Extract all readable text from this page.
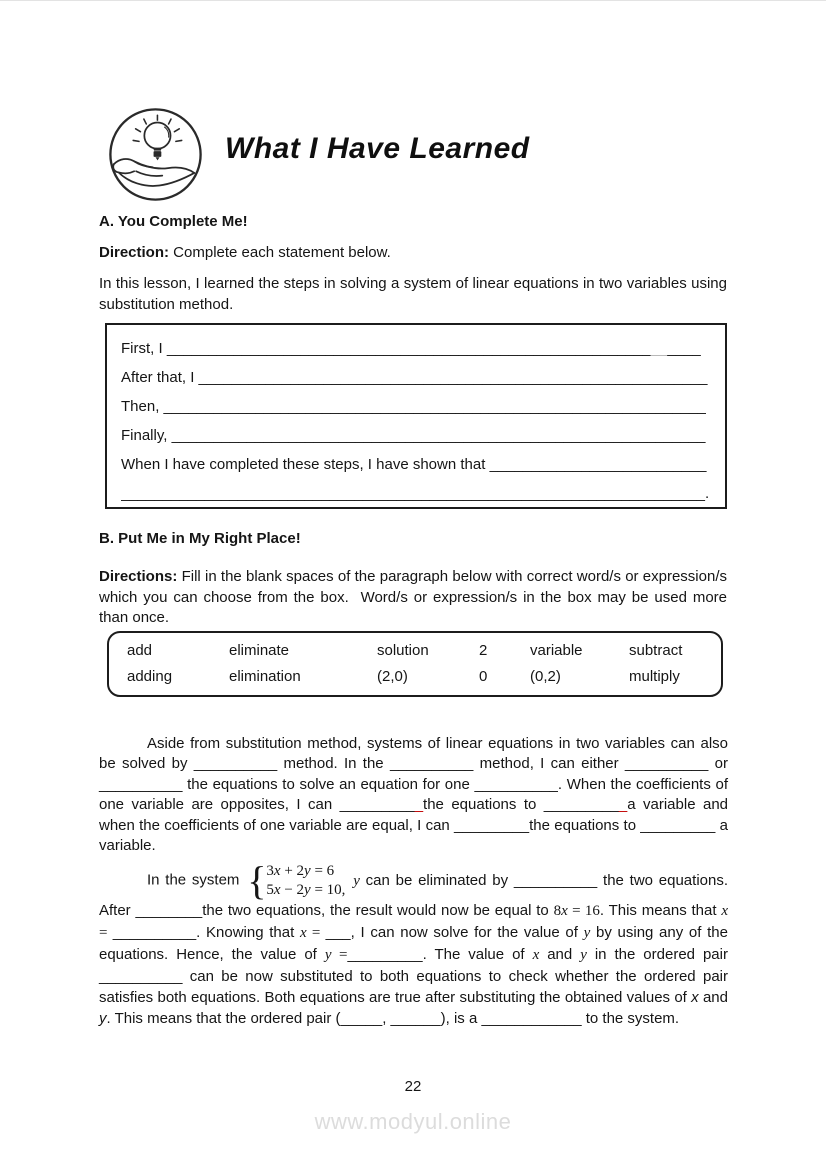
What I Have Learned
A. You Complete Me!
Direction: Complete each statement below.
In this lesson, I learned the steps in solving a system of linear equations in two variables using substitution method.
First, I ________________________________________________________________
After that, I _____________________________________________________________
Then, _________________________________________________________________
Finally, ________________________________________________________________
When I have completed these steps, I have shown that __________________________
______________________________________________________________________.
B. Put Me in My Right Place!
Directions: Fill in the blank spaces of the paragraph below with correct word/s or expression/s which you can choose from the box.  Word/s or expression/s in the box may be used more than once.
add	eliminate	solution	2	variable	subtract
adding	elimination	(2,0)	0	(0,2)	multiply

Aside from substitution method, systems of linear equations in two variables can also be solved by __________ method. In the __________ method, I can either __________ or __________ the equations to solve an equation for one __________. When the coefficients of one variable are opposites, I can __________the equations to __________a variable and when the coefficients of one variable are equal, I can _________the equations to _________ a variable.

In the system { 3x + 2y = 6
5x − 2y = 10,
y can be eliminated by __________ the two equations. After ________the two equations, the result would now be equal to 8x = 16. This means that x = __________. Knowing that x = ___, I can now solve for the value of y by using any of the equations. Hence, the value of y =_________. The value of x and y in the ordered pair __________ can be now substituted to both equations to check whether the ordered pair satisfies both equations. Both equations are true after substituting the obtained values of x and y. This means that the ordered pair (_____, ______), is a ____________ to the system.

22
www.modyul.online
